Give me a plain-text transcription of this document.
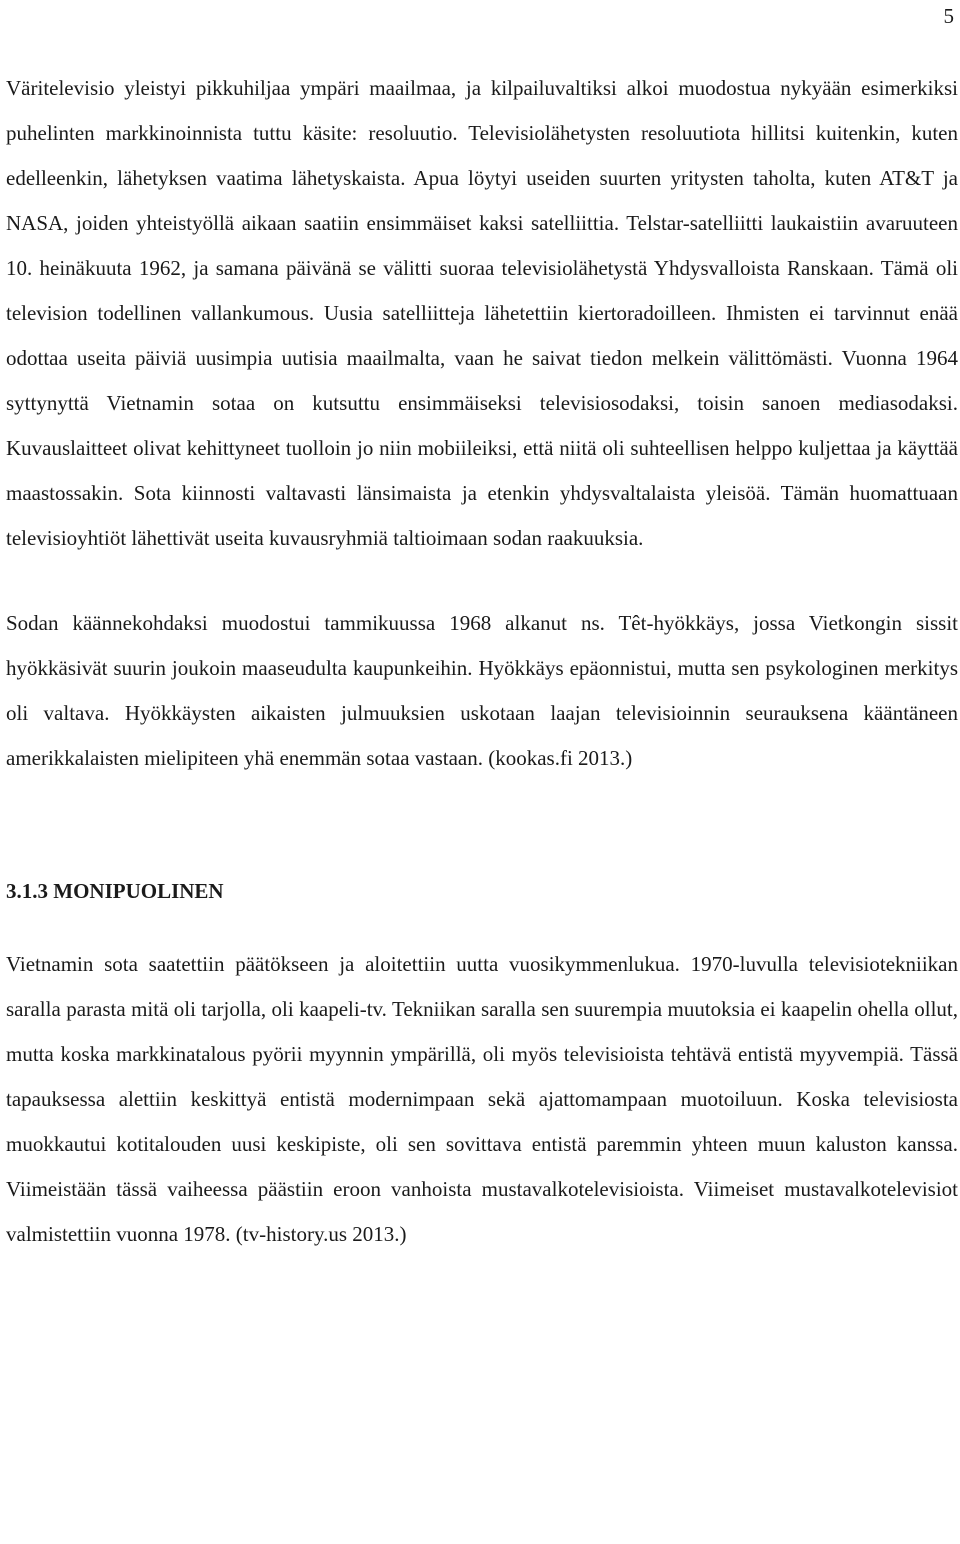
5

Väritelevisio yleistyi pikkuhiljaa ympäri maailmaa, ja kilpailuvaltiksi alkoi muodostua nykyään esimerkiksi puhelinten markkinoinnista tuttu käsite: resoluutio. Televisiolähetysten resoluutiota hillitsi kuitenkin, kuten edelleenkin, lähetyksen vaatima lähetyskaista. Apua löytyi useiden suurten yritysten taholta, kuten AT&T ja NASA, joiden yhteistyöllä aikaan saatiin ensimmäiset kaksi satelliittia. Telstar-satelliitti laukaistiin avaruuteen 10. heinäkuuta 1962, ja samana päivänä se välitti suoraa televisiolähetystä Yhdysvalloista Ranskaan. Tämä oli television todellinen vallankumous. Uusia satelliitteja lähetettiin kiertoradoilleen. Ihmisten ei tarvinnut enää odottaa useita päiviä uusimpia uutisia maailmalta, vaan he saivat tiedon melkein välittömästi. Vuonna 1964 syttynyttä Vietnamin sotaa on kutsuttu ensimmäiseksi televisiosodaksi, toisin sanoen mediasodaksi. Kuvauslaitteet olivat kehittyneet tuolloin jo niin mobiileiksi, että niitä oli suhteellisen helppo kuljettaa ja käyttää maastossakin. Sota kiinnosti valtavasti länsimaista ja etenkin yhdysvaltalaista yleisöä. Tämän huomattuaan televisioyhtiöt lähettivät useita kuvausryhmiä taltioimaan sodan raakuuksia.

Sodan käännekohdaksi muodostui tammikuussa 1968 alkanut ns. Têt-hyökkäys, jossa Vietkongin sissit hyökkäsivät suurin joukoin maaseudulta kaupunkeihin. Hyökkäys epäonnistui, mutta sen psykologinen merkitys oli valtava. Hyökkäysten aikaisten julmuuksien uskotaan laajan televisioinnin seurauksena kääntäneen amerikkalaisten mielipiteen yhä enemmän sotaa vastaan. (kookas.fi 2013.)

3.1.3 MONIPUOLINEN

Vietnamin sota saatettiin päätökseen ja aloitettiin uutta vuosikymmenlukua. 1970-luvulla televisiotekniikan saralla parasta mitä oli tarjolla, oli kaapeli-tv. Tekniikan saralla sen suurempia muutoksia ei kaapelin ohella ollut, mutta koska markkinatalous pyörii myynnin ympärillä, oli myös televisioista tehtävä entistä myyvempiä. Tässä tapauksessa alettiin keskittyä entistä modernimpaan sekä ajattomampaan muotoiluun. Koska televisiosta muokkautui kotitalouden uusi keskipiste, oli sen sovittava entistä paremmin yhteen muun kaluston kanssa. Viimeistään tässä vaiheessa päästiin eroon vanhoista mustavalkotelevisioista. Viimeiset mustavalkotelevisiot valmistettiin vuonna 1978. (tv-history.us 2013.)
